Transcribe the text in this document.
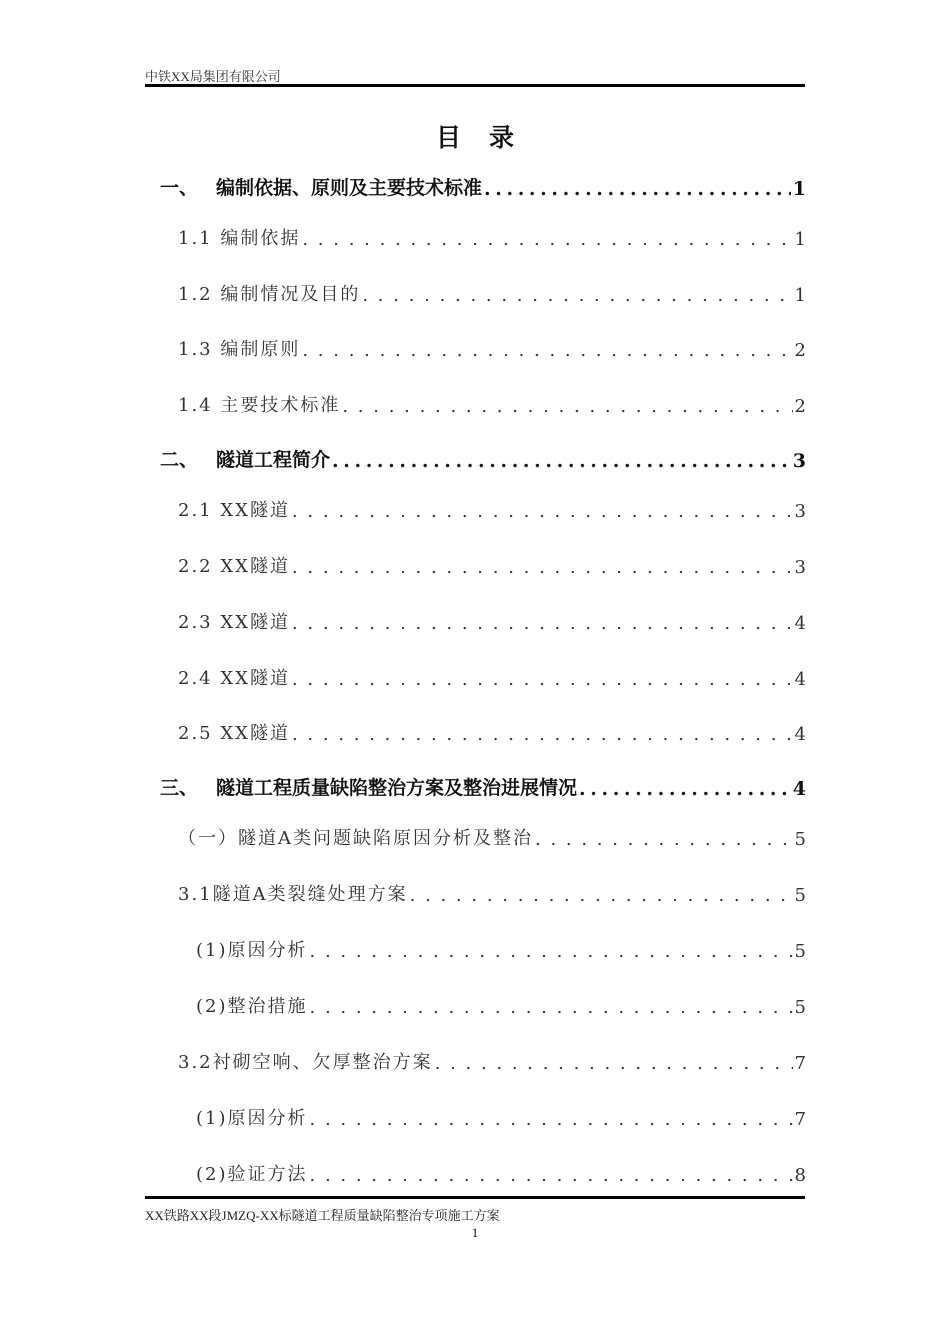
中铁XX局集团有限公司
目录
一、 编制依据、原则及主要技术标准 . . .	1
1.1 编制依据 . . .	1
1.2 编制情况及目的 . . .	1
1.3 编制原则 . . .	2
1.4 主要技术标准 . . .	2
二、 隧道工程简介 . . .	3
2.1 XX隧道 . . .	3
2.2 XX隧道 . . .	3
2.3 XX隧道 . . .	4
2.4 XX隧道 . . .	4
2.5 XX隧道 . . .	4
三、 隧道工程质量缺陷整治方案及整治进展情况 . . .	4
（一）隧道A类问题缺陷原因分析及整治 . . .	5
3.1隧道A类裂缝处理方案 . . .	5
(1)原因分析 . . .	5
(2)整治措施 . . .	5
3.2衬砌空响、欠厚整治方案 . . .	7
(1)原因分析 . . .	7
(2)验证方法 . . .	8
XX铁路XX段JMZQ-XX标隧道工程质量缺陷整治专项施工方案
1
